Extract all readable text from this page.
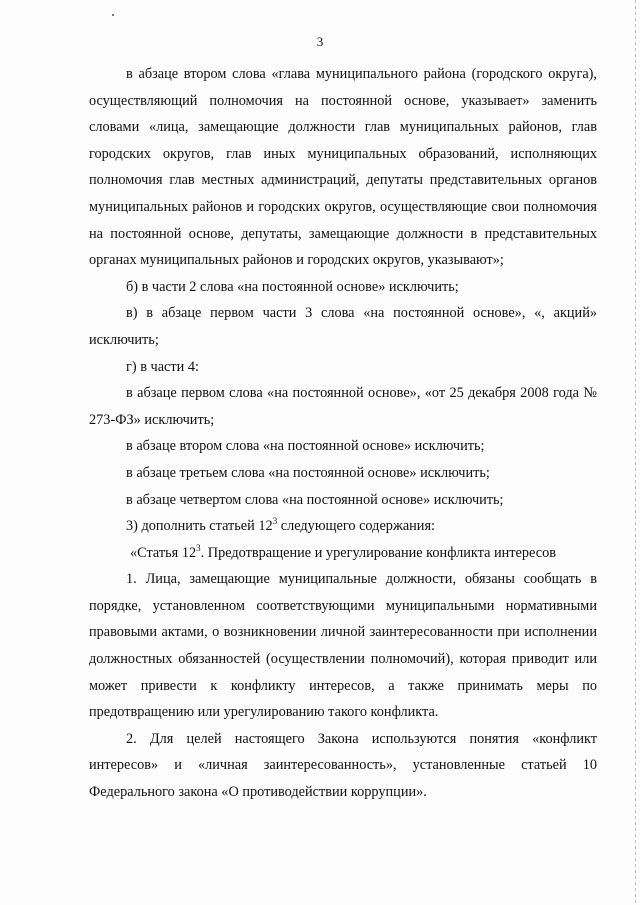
3

в абзаце втором слова «глава муниципального района (городского округа), осуществляющий полномочия на постоянной основе, указывает» заменить словами «лица, замещающие должности глав муниципальных районов, глав городских округов, глав иных муниципальных образований, исполняющих полномочия глав местных администраций, депутаты представительных органов муниципальных районов и городских округов, осуществляющие свои полномочия на постоянной основе, депутаты, замещающие должности в представительных органах муниципальных районов и городских округов, указывают»;

б) в части 2 слова «на постоянной основе» исключить;

в) в абзаце первом части 3 слова «на постоянной основе», «, акций» исключить;

г) в части 4:

в абзаце первом слова «на постоянной основе», «от 25 декабря 2008 года № 273-ФЗ» исключить;

в абзаце втором слова «на постоянной основе» исключить;

в абзаце третьем слова «на постоянной основе» исключить;

в абзаце четвертом слова «на постоянной основе» исключить;

3) дополнить статьей $12^3$ следующего содержания:

«Статья $12^3$. Предотвращение и урегулирование конфликта интересов

1. Лица, замещающие муниципальные должности, обязаны сообщать в порядке, установленном соответствующими муниципальными нормативными правовыми актами, о возникновении личной заинтересованности при исполнении должностных обязанностей (осуществлении полномочий), которая приводит или может привести к конфликту интересов, а также принимать меры по предотвращению или урегулированию такого конфликта.

2. Для целей настоящего Закона используются понятия «конфликт интересов» и «личная заинтересованность», установленные статьей 10 Федерального закона «О противодействии коррупции».
